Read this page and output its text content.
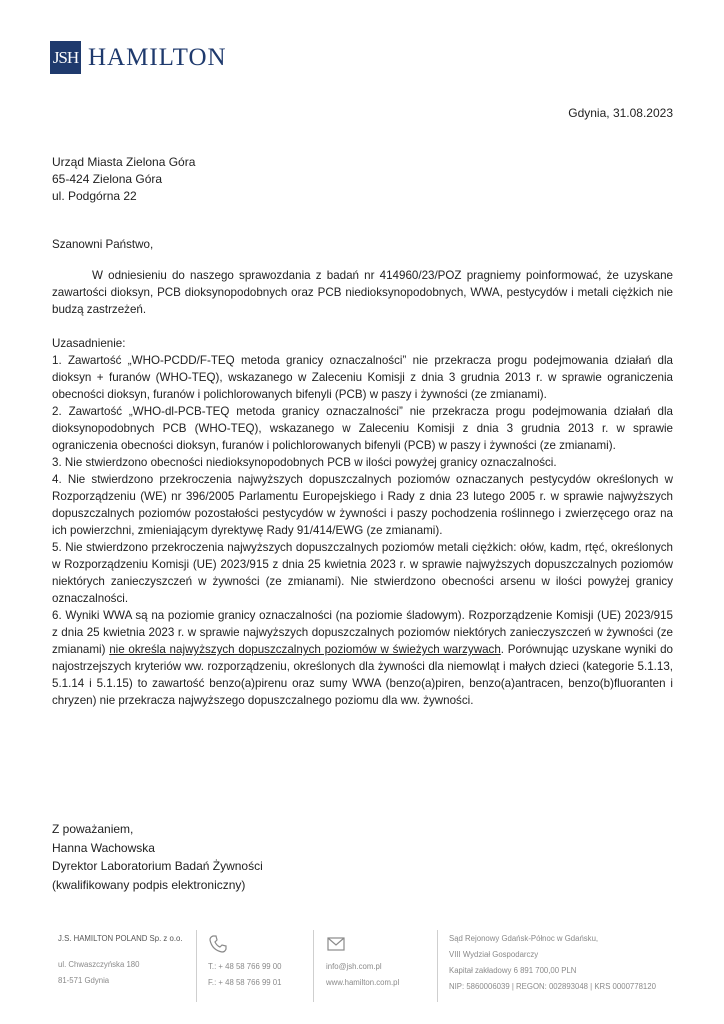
JSH HAMILTON
Gdynia, 31.08.2023
Urząd Miasta Zielona Góra
65-424 Zielona Góra
ul. Podgórna 22

Szanowni Państwo,

W odniesieniu do naszego sprawozdania z badań nr 414960/23/POZ pragniemy poinformować, że uzyskane zawartości dioksyn, PCB dioksynopodobnych oraz PCB niedioksynopodobnych, WWA, pestycydów i metali ciężkich nie budzą zastrzeżeń.

Uzasadnienie:

1. Zawartość „WHO-PCDD/F-TEQ metoda granicy oznaczalności” nie przekracza progu podejmowania działań dla dioksyn + furanów (WHO-TEQ), wskazanego w Zaleceniu Komisji z dnia 3 grudnia 2013 r. w sprawie ograniczenia obecności dioksyn, furanów i polichlorowanych bifenyli (PCB) w paszy i żywności (ze zmianami).

2. Zawartość „WHO-dl-PCB-TEQ metoda granicy oznaczalności” nie przekracza progu podejmowania działań dla dioksynopodobnych PCB (WHO-TEQ), wskazanego w Zaleceniu Komisji z dnia 3 grudnia 2013 r. w sprawie ograniczenia obecności dioksyn, furanów i polichlorowanych bifenyli (PCB) w paszy i żywności (ze zmianami).

3. Nie stwierdzono obecności niedioksynopodobnych PCB w ilości powyżej granicy oznaczalności.

4. Nie stwierdzono przekroczenia najwyższych dopuszczalnych poziomów oznaczanych pestycydów określonych w Rozporządzeniu (WE) nr 396/2005 Parlamentu Europejskiego i Rady z dnia 23 lutego 2005 r. w sprawie najwyższych dopuszczalnych poziomów pozostałości pestycydów w żywności i paszy pochodzenia roślinnego i zwierzęcego oraz na ich powierzchni, zmieniającym dyrektywę Rady 91/414/EWG (ze zmianami).

5. Nie stwierdzono przekroczenia najwyższych dopuszczalnych poziomów metali ciężkich: ołów, kadm, rtęć, określonych w Rozporządzeniu Komisji (UE) 2023/915 z dnia 25 kwietnia 2023 r. w sprawie najwyższych dopuszczalnych poziomów niektórych zanieczyszczeń w żywności (ze zmianami). Nie stwierdzono obecności arsenu w ilości powyżej granicy oznaczalności.

6. Wyniki WWA są na poziomie granicy oznaczalności (na poziomie śladowym). Rozporządzenie Komisji (UE) 2023/915 z dnia 25 kwietnia 2023 r. w sprawie najwyższych dopuszczalnych poziomów niektórych zanieczyszczeń w żywności (ze zmianami) nie określa najwyższych dopuszczalnych poziomów w świeżych warzywach. Porównując uzyskane wyniki do najostrzejszych kryteriów ww. rozporządzeniu, określonych dla żywności dla niemowląt i małych dzieci (kategorie 5.1.13, 5.1.14 i 5.1.15) to zawartość benzo(a)pirenu oraz sumy WWA (benzo(a)piren, benzo(a)antracen, benzo(b)fluoranten i chryzen) nie przekracza najwyższego dopuszczalnego poziomu dla ww. żywności.

Z poważaniem,
Hanna Wachowska
Dyrektor Laboratorium Badań Żywności
(kwalifikowany podpis elektroniczny)
J.S. HAMILTON POLAND Sp. z o.o.
ul. Chwaszczyńska 180
81-571 Gdynia
T.: + 48 58 766 99 00
F.: + 48 58 766 99 01
info@jsh.com.pl
www.hamilton.com.pl
Sąd Rejonowy Gdańsk-Północ w Gdańsku,
VIII Wydział Gospodarczy
Kapitał zakładowy 6 891 700,00 PLN
NIP: 5860006039 | REGON: 002893048 | KRS 0000778120
